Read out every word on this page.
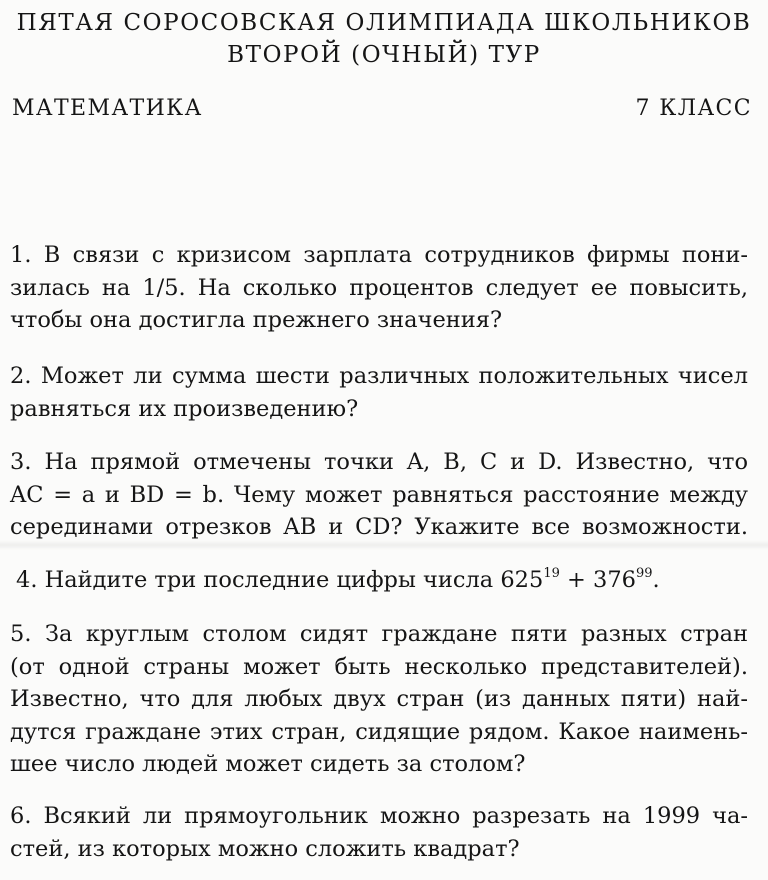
ПЯТАЯ СОРОСОВСКАЯ ОЛИМПИАДА ШКОЛЬНИКОВ
ВТОРОЙ (ОЧНЫЙ) ТУР
МАТЕМАТИКА	7 КЛАСС
1. В связи с кризисом зарплата сотрудников фирмы пони-
зилась на 1/5. На сколько процентов следует ее повысить,
чтобы она достигла прежнего значения?
2. Может ли сумма шести различных положительных чисел
равняться их произведению?
3. На прямой отмечены точки A, B, C и D. Известно, что
AC = a и BD = b. Чему может равняться расстояние между
серединами отрезков AB и CD? Укажите все возможности.
4. Найдите три последние цифры числа $625^{19} + 376^{99}$.
5. За круглым столом сидят граждане пяти разных стран
(от одной страны может быть несколько представителей).
Известно, что для любых двух стран (из данных пяти) най-
дутся граждане этих стран, сидящие рядом. Какое наимень-
шее число людей может сидеть за столом?
6. Всякий ли прямоугольник можно разрезать на 1999 ча-
стей, из которых можно сложить квадрат?
